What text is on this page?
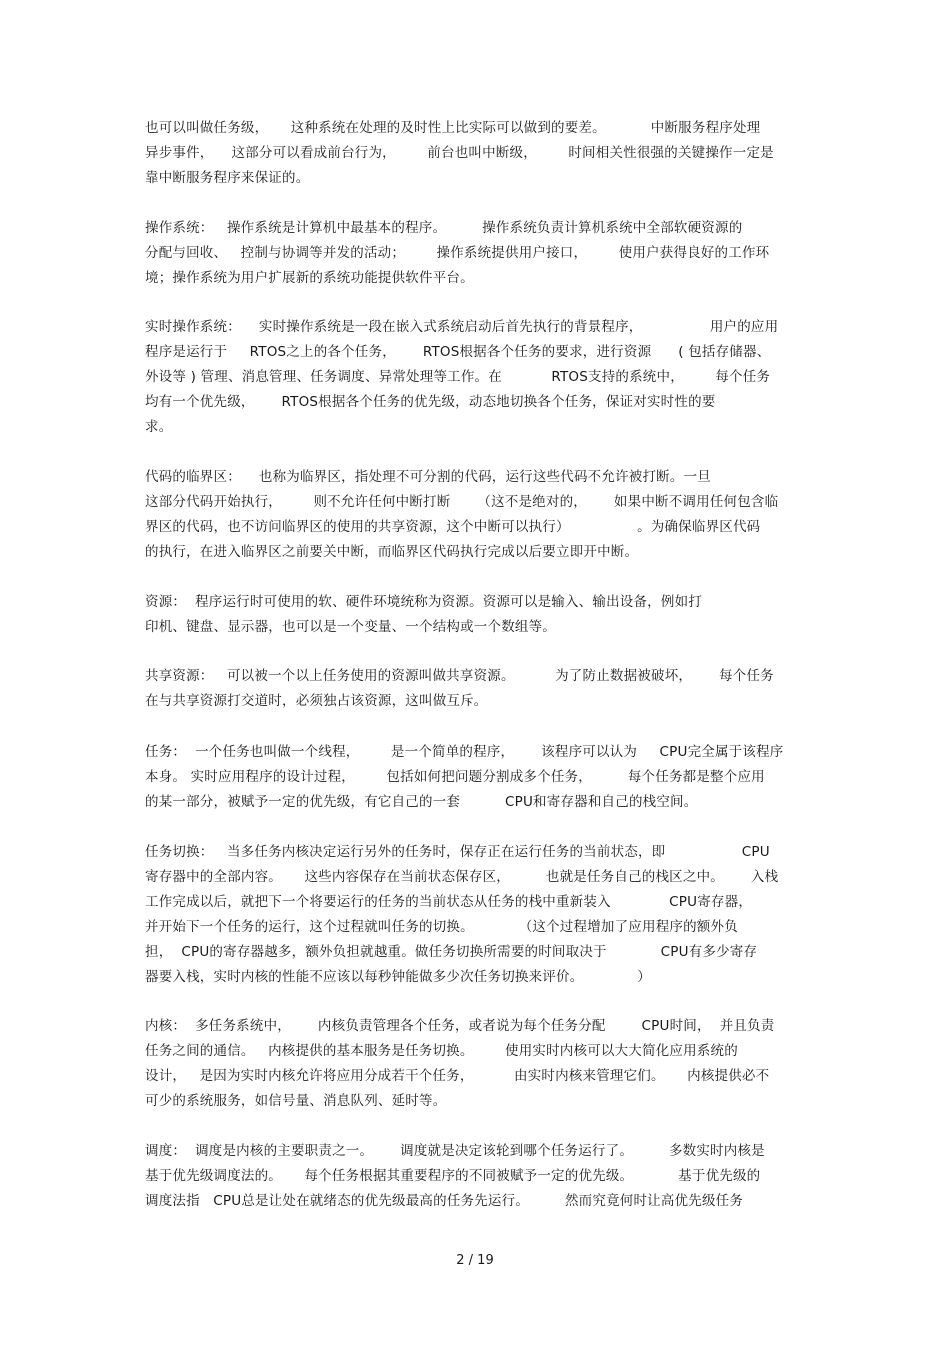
也可以叫做任务级，     这种系统在处理的及时性上比实际可以做到的要差。          中断服务程序处理
异步事件，    这部分可以看成前台行为，       前台也叫中断级，       时间相关性很强的关键操作一定是
靠中断服务程序来保证的。
操作系统：   操作系统是计算机中最基本的程序。        操作系统负责计算机系统中全部软硬资源的
分配与回收、   控制与协调等并发的活动；       操作系统提供用户接口，       使用户获得良好的工作环
境；操作系统为用户扩展新的系统功能提供软件平台。
实时操作系统：    实时操作系统是一段在嵌入式系统启动后首先执行的背景程序，               用户的应用
程序是运行于     RTOS之上的各个任务，      RTOS根据各个任务的要求，进行资源      ( 包括存储器、
外设等 ) 管理、消息管理、任务调度、异常处理等工作。在           RTOS支持的系统中，       每个任务
均有一个优先级，      RTOS根据各个任务的优先级，动态地切换各个任务，保证对实时性的要
求。
代码的临界区：    也称为临界区，指处理不可分割的代码，运行这些代码不允许被打断。一旦
这部分代码开始执行，       则不允许任何中断打断      （这不是绝对的，      如果中断不调用任何包含临
界区的代码，也不访问临界区的使用的共享资源，这个中断可以执行）               。为确保临界区代码
的执行，在进入临界区之前要关中断，而临界区代码执行完成以后要立即开中断。
资源：  程序运行时可使用的软、硬件环境统称为资源。资源可以是输入、输出设备，例如打
印机、键盘、显示器，也可以是一个变量、一个结构或一个数组等。
共享资源：   可以被一个以上任务使用的资源叫做共享资源。         为了防止数据被破坏，      每个任务
在与共享资源打交道时，必须独占该资源，这叫做互斥。
任务：  一个任务也叫做一个线程，       是一个简单的程序，      该程序可以认为     CPU完全属于该程序
本身。 实时应用程序的设计过程，       包括如何把问题分割成多个任务，        每个任务都是整个应用
的某一部分，被赋予一定的优先级，有它自己的一套          CPU和寄存器和自己的栈空间。
任务切换：   当多任务内核决定运行另外的任务时，保存正在运行任务的当前状态，即                 CPU
寄存器中的全部内容。     这些内容保存在当前状态保存区，        也就是任务自己的栈区之中。      入栈
工作完成以后，就把下一个将要运行的任务的当前状态从任务的栈中重新装入             CPU寄存器，
并开始下一个任务的运行，这个过程就叫任务的切换。          （这个过程增加了应用程序的额外负
担，  CPU的寄存器越多，额外负担就越重。做任务切换所需要的时间取决于            CPU有多少寄存
器要入栈，实时内核的性能不应该以每秒钟能做多少次任务切换来评价。            ）
内核：  多任务系统中，      内核负责管理各个任务，或者说为每个任务分配        CPU时间，  并且负责
任务之间的通信。   内核提供的基本服务是任务切换。       使用实时内核可以大大简化应用系统的
设计，   是因为实时内核允许将应用分成若干个任务，         由实时内核来管理它们。     内核提供必不
可少的系统服务，如信号量、消息队列、延时等。
调度：  调度是内核的主要职责之一。      调度就是决定该轮到哪个任务运行了。        多数实时内核是
基于优先级调度法的。     每个任务根据其重要程序的不同被赋予一定的优先级。          基于优先级的
调度法指   CPU总是让处在就绪态的优先级最高的任务先运行。        然而究竟何时让高优先级任务
2 / 19
